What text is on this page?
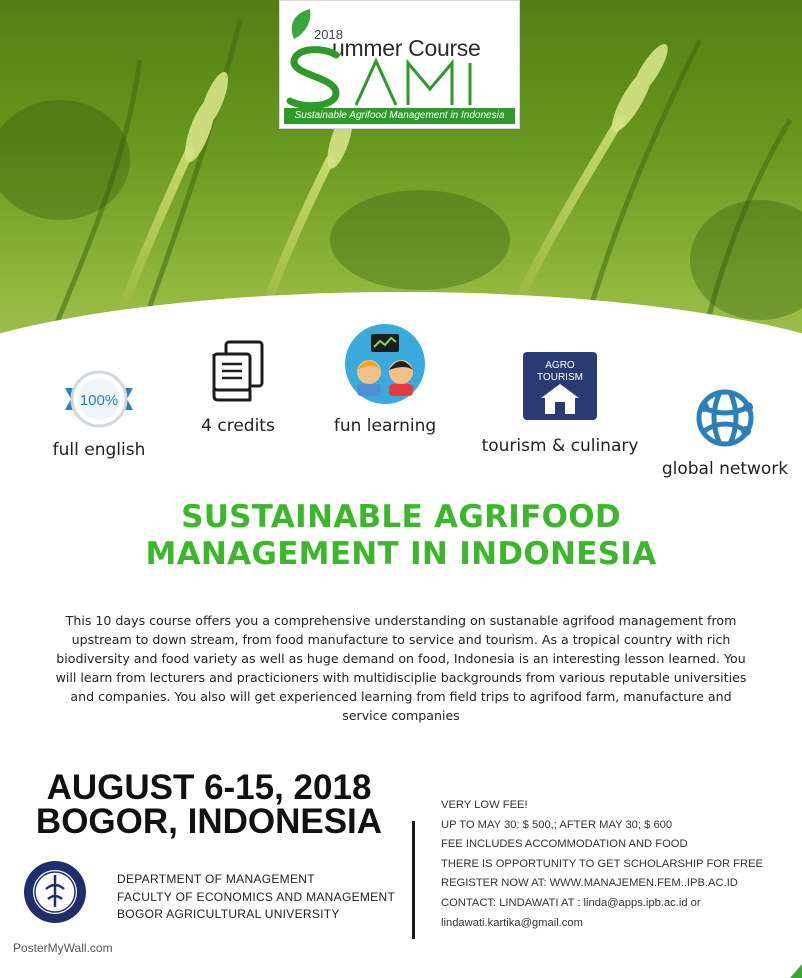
2018
ummer Course
Sustainable Agrifood Management in Indonesia
100%
full english
4 credits	fun learning
AGRO
TOURISM
tourism & culinary
global network
SUSTAINABLE AGRIFOOD
MANAGEMENT IN INDONESIA
This 10 days course offers you a comprehensive understanding on sustanable agrifood management from upstream to down stream, from food manufacture to service and tourism. As a tropical country with rich biodiversity and food variety as well as huge demand on food, Indonesia is an interesting lesson learned. You will learn from lecturers and practicioners with multidisciplie backgrounds from various reputable universities and companies. You also will get experienced learning from field trips to agrifood farm, manufacture and service companies
AUGUST 6-15, 2018
BOGOR, INDONESIA
DEPARTMENT OF MANAGEMENT
FACULTY OF ECONOMICS AND MANAGEMENT
BOGOR AGRICULTURAL UNIVERSITY
VERY LOW FEE!
UP TO MAY 30: $ 500,; AFTER MAY 30; $ 600
FEE INCLUDES ACCOMMODATION AND FOOD
THERE IS OPPORTUNITY TO GET SCHOLARSHIP FOR FREE
REGISTER NOW AT: WWW.MANAJEMEN.FEM..IPB.AC.ID
CONTACT: LINDAWATI AT : linda@apps.ipb.ac.id or
lindawati.kartika@gmail.com
PosterMyWall.com
